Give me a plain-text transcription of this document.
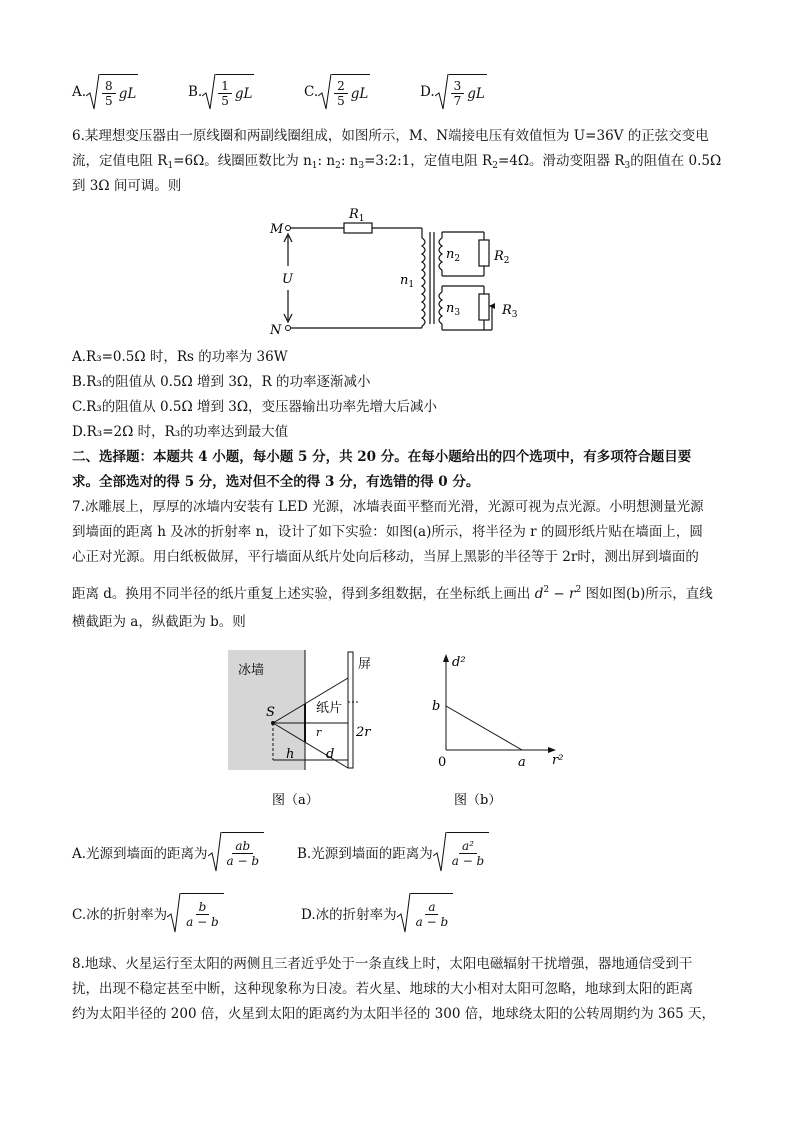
A. $\frac{8}{5}$ gL	B. $\frac{1}{5}$ gL	C. $\frac{2}{5}$ gL	D. $\frac{3}{7}$ gL
6.某理想变压器由一原线圈和两副线圈组成，如图所示，M、N端接电压有效值恒为 U=36V 的正弦交变电
流，定值电阻 $R_1=6\Omega$。线圈匝数比为 $n_1$: $n_2$: $n_3=3:2:1$，定值电阻 $R_2=4\Omega$。滑动变阻器 $R_3$的阻值在 0.5Ω
到 3Ω 间可调。则
M
N
U
$R_1$
$n_1$
$n_2$
$n_3$
$R_2$
$R_3$
A.R₃=0.5Ω 时，Rs 的功率为 36W
B.R₃的阻值从 0.5Ω 增到 3Ω，R 的功率逐渐减小
C.R₃的阻值从 0.5Ω 增到 3Ω，变压器输出功率先增大后减小
D.R₃=2Ω 时，R₃的功率达到最大值
二、选择题：本题共 4 小题，每小题 5 分，共 20 分。在每小题给出的四个选项中，有多项符合题目要
求。全部选对的得 5 分，选对但不全的得 3 分，有选错的得 0 分。
7.冰雕展上，厚厚的冰墙内安装有 LED 光源，冰墙表面平整而光滑，光源可视为点光源。小明想测量光源
到墙面的距离 h 及冰的折射率 n，设计了如下实验：如图(a)所示，将半径为 r 的圆形纸片贴在墙面上，圆
心正对光源。用白纸板做屏，平行墙面从纸片处向后移动，当屏上黑影的半径等于 2r时，测出屏到墙面的
距离 d。换用不同半径的纸片重复上述实验，得到多组数据，在坐标纸上画出 $d^2 - r^2$ 图如图(b)所示，直线
横截距为 a，纵截距为 b。则
冰墙	屏
纸片
S
r
h d
2r
图（a）
d²
r²
b
a
0
图（b）
A.光源到墙面的距离为 ab
a − b	B.光源到墙面的距离为 a²
a − b
C.冰的折射率为	b
a − b	D.冰的折射率为	a
a − b
8.地球、火星运行至太阳的两侧且三者近乎处于一条直线上时，太阳电磁辐射干扰增强，器地通信受到干
扰，出现不稳定甚至中断，这种现象称为日凌。若火星、地球的大小相对太阳可忽略，地球到太阳的距离
约为太阳半径的 200 倍，火星到太阳的距离约为太阳半径的 300 倍，地球绕太阳的公转周期约为 365 天，
